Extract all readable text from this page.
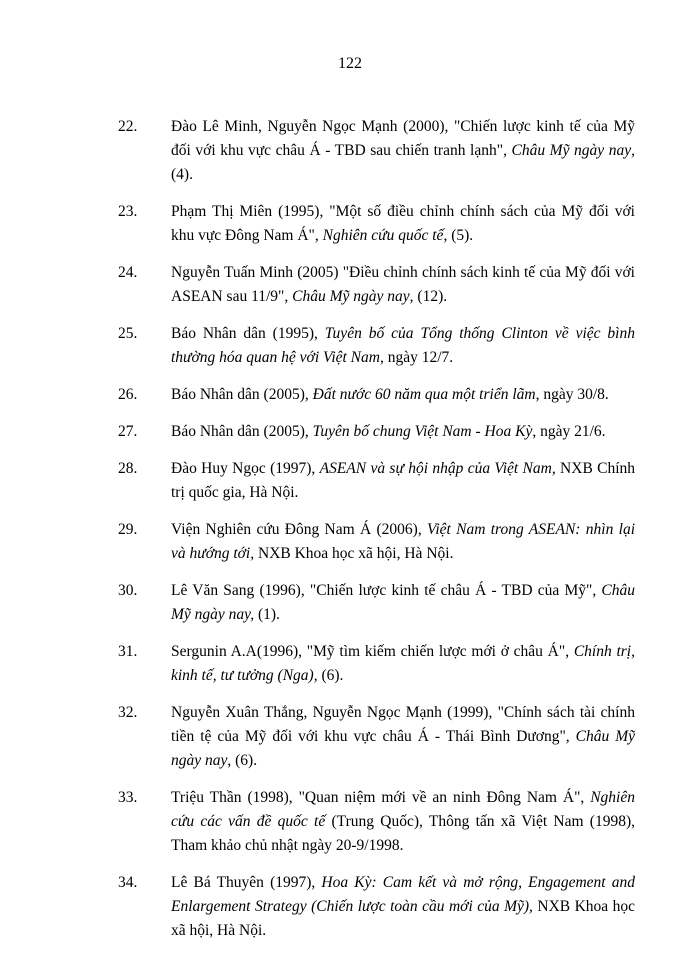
122
22. Đào Lê Minh, Nguyễn Ngọc Mạnh (2000), "Chiến lược kinh tế của Mỹ đối với khu vực châu Á - TBD sau chiến tranh lạnh", Châu Mỹ ngày nay, (4).
23. Phạm Thị Miên (1995), "Một số điều chỉnh chính sách của Mỹ đối với khu vực Đông Nam Á", Nghiên cứu quốc tế, (5).
24. Nguyễn Tuấn Minh (2005) "Điều chỉnh chính sách kinh tế của Mỹ đối với ASEAN sau 11/9", Châu Mỹ ngày nay, (12).
25. Báo Nhân dân (1995), Tuyên bố của Tổng thống Clinton về việc bình thường hóa quan hệ với Việt Nam, ngày 12/7.
26. Báo Nhân dân (2005), Đất nước 60 năm qua một triển lãm, ngày 30/8.
27. Báo Nhân dân (2005), Tuyên bố chung Việt Nam - Hoa Kỳ, ngày 21/6.
28. Đào Huy Ngọc (1997), ASEAN và sự hội nhập của Việt Nam, NXB Chính trị quốc gia, Hà Nội.
29. Viện Nghiên cứu Đông Nam Á (2006), Việt Nam trong ASEAN: nhìn lại và hướng tới, NXB Khoa học xã hội, Hà Nội.
30. Lê Văn Sang (1996), "Chiến lược kinh tế châu Á - TBD của Mỹ", Châu Mỹ ngày nay, (1).
31. Sergunin A.A(1996), "Mỹ tìm kiếm chiến lược mới ở châu Á", Chính trị, kinh tế, tư tưởng (Nga), (6).
32. Nguyễn Xuân Thắng, Nguyễn Ngọc Mạnh (1999), "Chính sách tài chính tiền tệ của Mỹ đối với khu vực châu Á - Thái Bình Dương", Châu Mỹ ngày nay, (6).
33. Triệu Thần (1998), "Quan niệm mới về an ninh Đông Nam Á", Nghiên cứu các vấn đề quốc tế (Trung Quốc), Thông tấn xã Việt Nam (1998), Tham khảo chủ nhật ngày 20-9/1998.
34. Lê Bá Thuyên (1997), Hoa Kỳ: Cam kết và mở rộng, Engagement and Enlargement Strategy (Chiến lược toàn cầu mới của Mỹ), NXB Khoa học xã hội, Hà Nội.
